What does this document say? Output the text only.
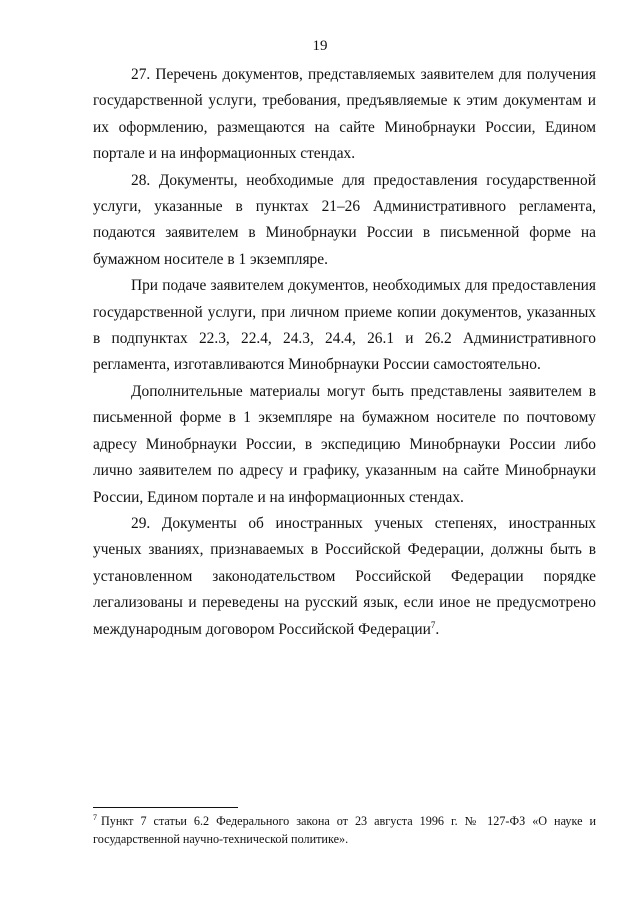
19

27. Перечень документов, представляемых заявителем для получения государственной услуги, требования, предъявляемые к этим документам и их оформлению, размещаются на сайте Минобрнауки России, Едином портале и на информационных стендах.

28. Документы, необходимые для предоставления государственной услуги, указанные в пунктах 21–26 Административного регламента, подаются заявителем в Минобрнауки России в письменной форме на бумажном носителе в 1 экземпляре.

При подаче заявителем документов, необходимых для предоставления государственной услуги, при личном приеме копии документов, указанных в подпунктах 22.3, 22.4, 24.3, 24.4, 26.1 и 26.2 Административного регламента, изготавливаются Минобрнауки России самостоятельно.

Дополнительные материалы могут быть представлены заявителем в письменной форме в 1 экземпляре на бумажном носителе по почтовому адресу Минобрнауки России, в экспедицию Минобрнауки России либо лично заявителем по адресу и графику, указанным на сайте Минобрнауки России, Едином портале и на информационных стендах.

29. Документы об иностранных ученых степенях, иностранных ученых званиях, признаваемых в Российской Федерации, должны быть в установленном законодательством Российской Федерации порядке легализованы и переведены на русский язык, если иное не предусмотрено международным договором Российской Федерации$^7$.

$^7$ Пункт 7 статьи 6.2 Федерального закона от 23 августа 1996 г. № 127-ФЗ «О науке и государственной научно-технической политике».
